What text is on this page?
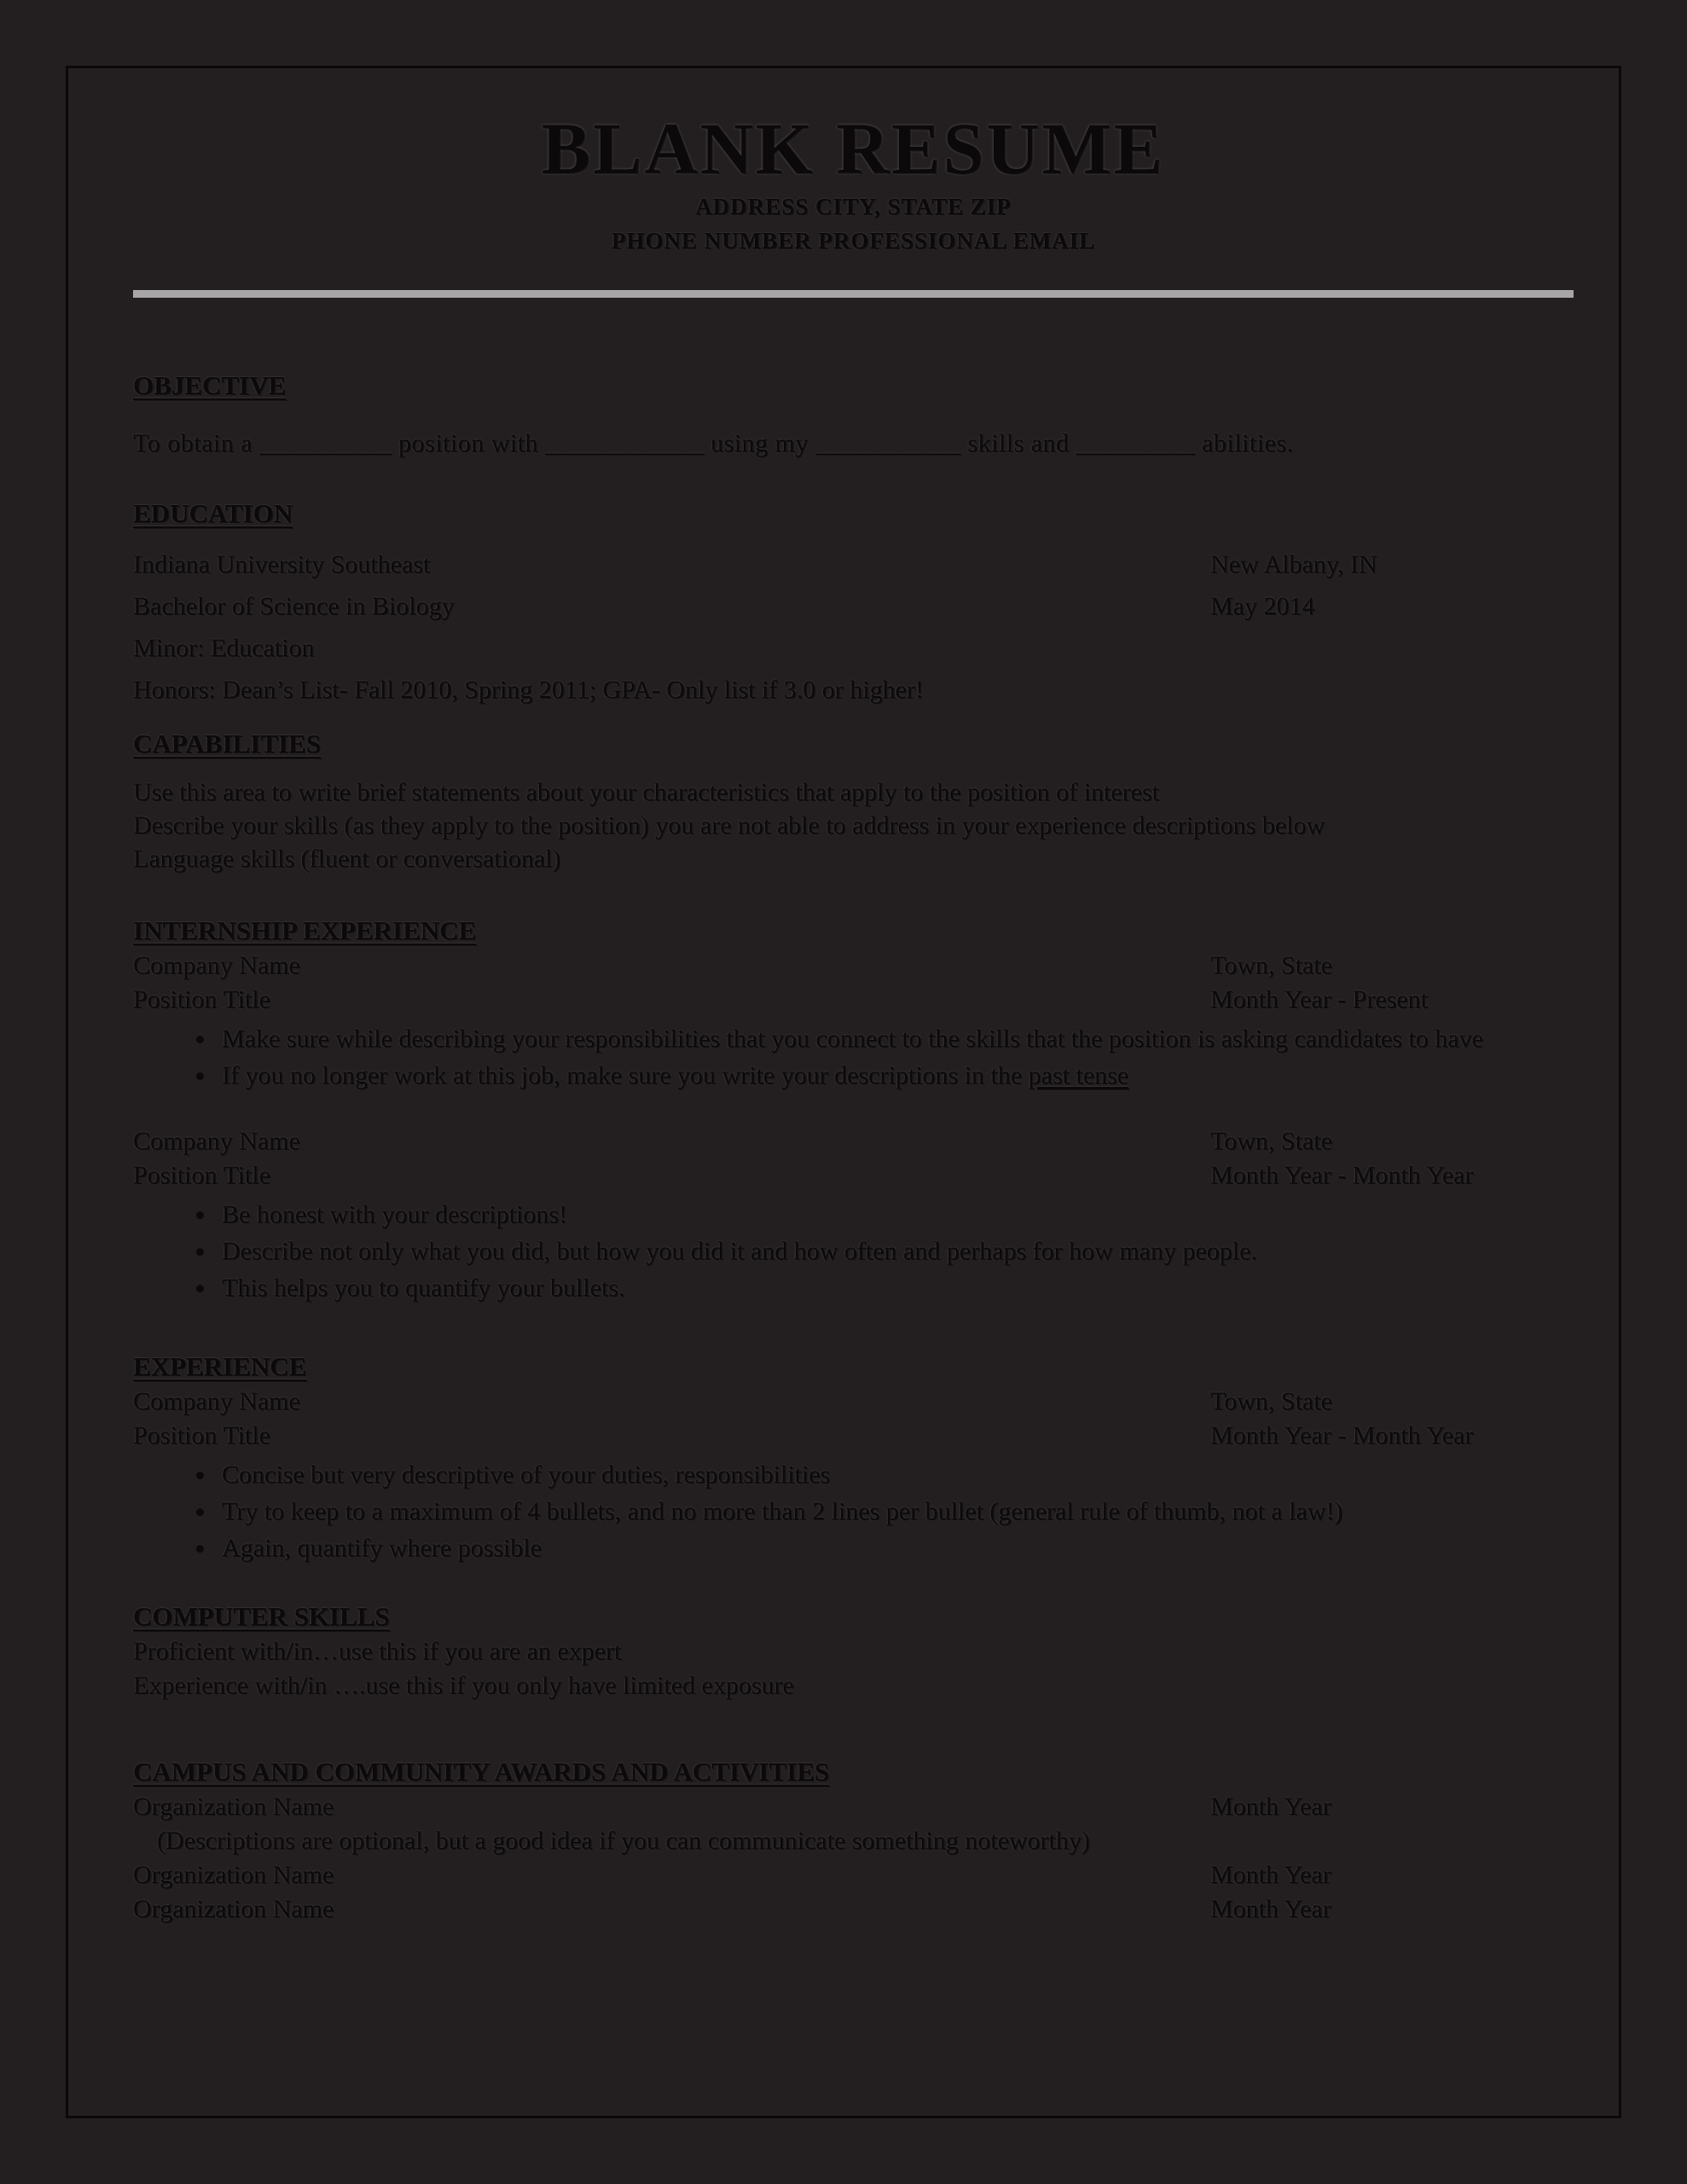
BLANK RESUME
ADDRESS CITY, STATE ZIP
PHONE NUMBER PROFESSIONAL EMAIL
OBJECTIVE
To obtain a __________ position with ____________ using my ___________ skills and _________ abilities.
EDUCATION
Indiana University Southeast	New Albany, IN
Bachelor of Science in Biology	May 2014
Minor: Education
Honors: Dean’s List- Fall 2010, Spring 2011; GPA- Only list if 3.0 or higher!
CAPABILITIES
Use this area to write brief statements about your characteristics that apply to the position of interest
Describe your skills (as they apply to the position) you are not able to address in your experience descriptions below
Language skills (fluent or conversational)
INTERNSHIP EXPERIENCE
Company Name	Town, State
Position Title	Month Year - Present
• Make sure while describing your responsibilities that you connect to the skills that the position is asking candidates to have
• If you no longer work at this job, make sure you write your descriptions in the past tense
Company Name	Town, State
Position Title	Month Year - Month Year
• Be honest with your descriptions!
• Describe not only what you did, but how you did it and how often and perhaps for how many people.
• This helps you to quantify your bullets.
EXPERIENCE
Company Name	Town, State
Position Title	Month Year - Month Year
• Concise but very descriptive of your duties, responsibilities
• Try to keep to a maximum of 4 bullets, and no more than 2 lines per bullet (general rule of thumb, not a law!)
• Again, quantify where possible
COMPUTER SKILLS
Proficient with/in…use this if you are an expert
Experience with/in ….use this if you only have limited exposure
CAMPUS AND COMMUNITY AWARDS AND ACTIVITIES
Organization Name	Month Year
(Descriptions are optional, but a good idea if you can communicate something noteworthy)
Organization Name	Month Year
Organization Name	Month Year
